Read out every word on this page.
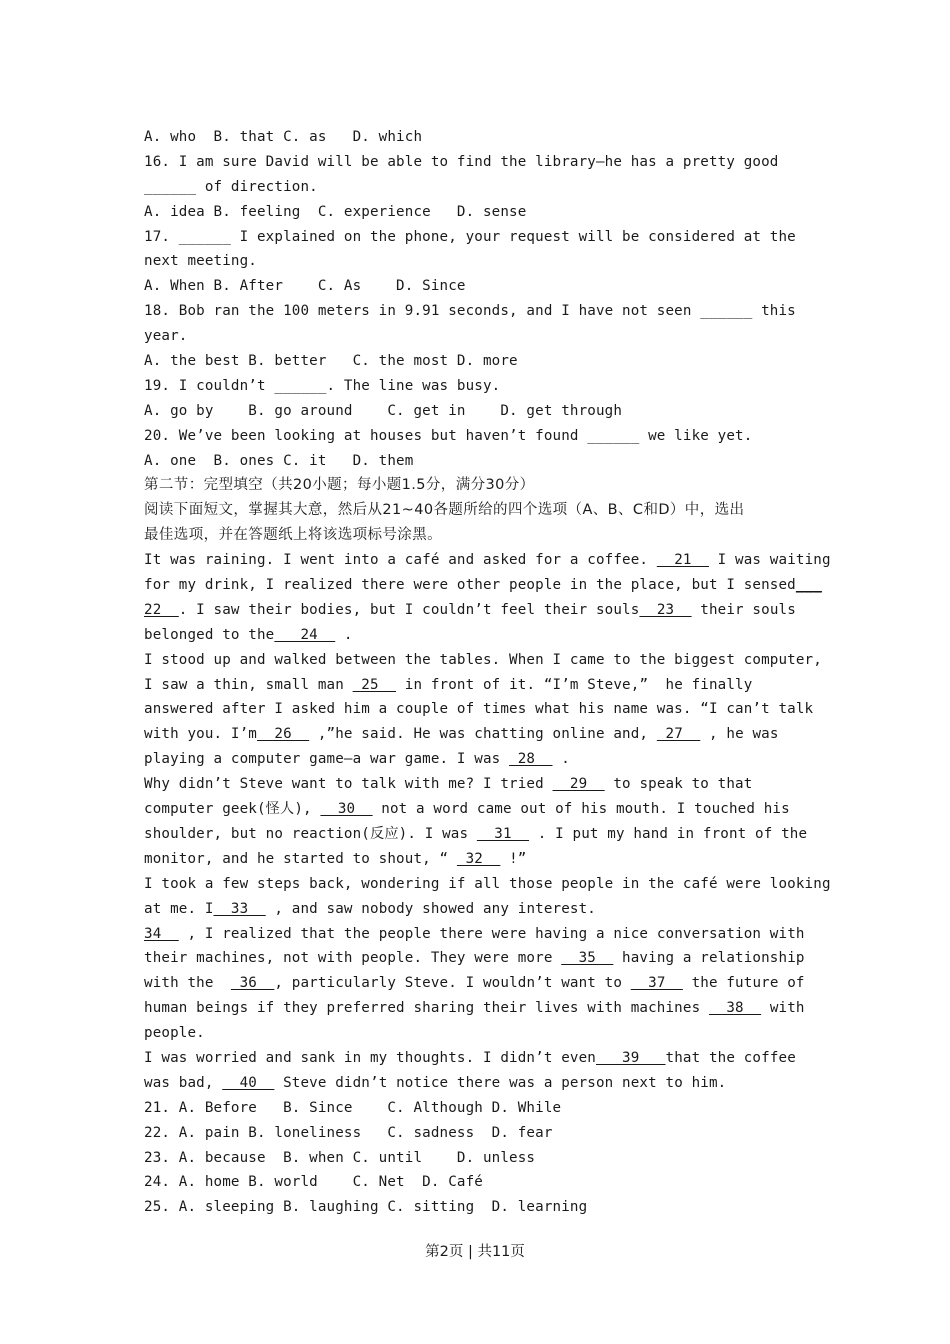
A. who  B. that C. as   D. which
16. I am sure David will be able to find the library—he has a pretty good
______ of direction.
A. idea B. feeling  C. experience   D. sense
17. ______ I explained on the phone, your request will be considered at the
next meeting.
A. When B. After    C. As    D. Since
18. Bob ran the 100 meters in 9.91 seconds, and I have not seen ______ this
year.
A. the best B. better   C. the most D. more
19. I couldn’t ______. The line was busy.
A. go by    B. go around    C. get in    D. get through
20. We’ve been looking at houses but haven’t found ______ we like yet.
A. one  B. ones C. it   D. them
第二节：完型填空（共20小题；每小题1.5分，满分30分）
阅读下面短文，掌握其大意，然后从21~40各题所给的四个选项（A、B、C和D）中，选出
最佳选项，并在答题纸上将该选项标号涂黑。
It was raining. I went into a café and asked for a coffee.   21   I was waiting
for my drink, I realized there were other people in the place, but I sensed___
22  . I saw their bodies, but I couldn’t feel their souls  23   their souls
belonged to the   24   .
I stood up and walked between the tables. When I came to the biggest computer,
I saw a thin, small man  25   in front of it. “I’m Steve,”  he finally
answered after I asked him a couple of times what his name was. “I can’t talk
with you. I’m  26   ,”he said. He was chatting online and,  27   , he was
playing a computer game—a war game. I was  28   .
Why didn’t Steve want to talk with me? I tried   29   to speak to that
computer geek(怪人),   30   not a word came out of his mouth. I touched his
shoulder, but no reaction(反应). I was   31   . I put my hand in front of the
monitor, and he started to shout, “  32   !”
I took a few steps back, wondering if all those people in the café were looking
at me. I  33   , and saw nobody showed any interest.
34   , I realized that the people there were having a nice conversation with
their machines, not with people. They were more   35   having a relationship
with the   36  , particularly Steve. I wouldn’t want to   37   the future of
human beings if they preferred sharing their lives with machines   38   with
people.
I was worried and sank in my thoughts. I didn’t even   39   that the coffee
was bad,   40   Steve didn’t notice there was a person next to him.
21. A. Before   B. Since    C. Although D. While
22. A. pain B. loneliness   C. sadness  D. fear
23. A. because  B. when C. until    D. unless
24. A. home B. world    C. Net  D. Café
25. A. sleeping B. laughing C. sitting  D. learning
第2页 | 共11页
